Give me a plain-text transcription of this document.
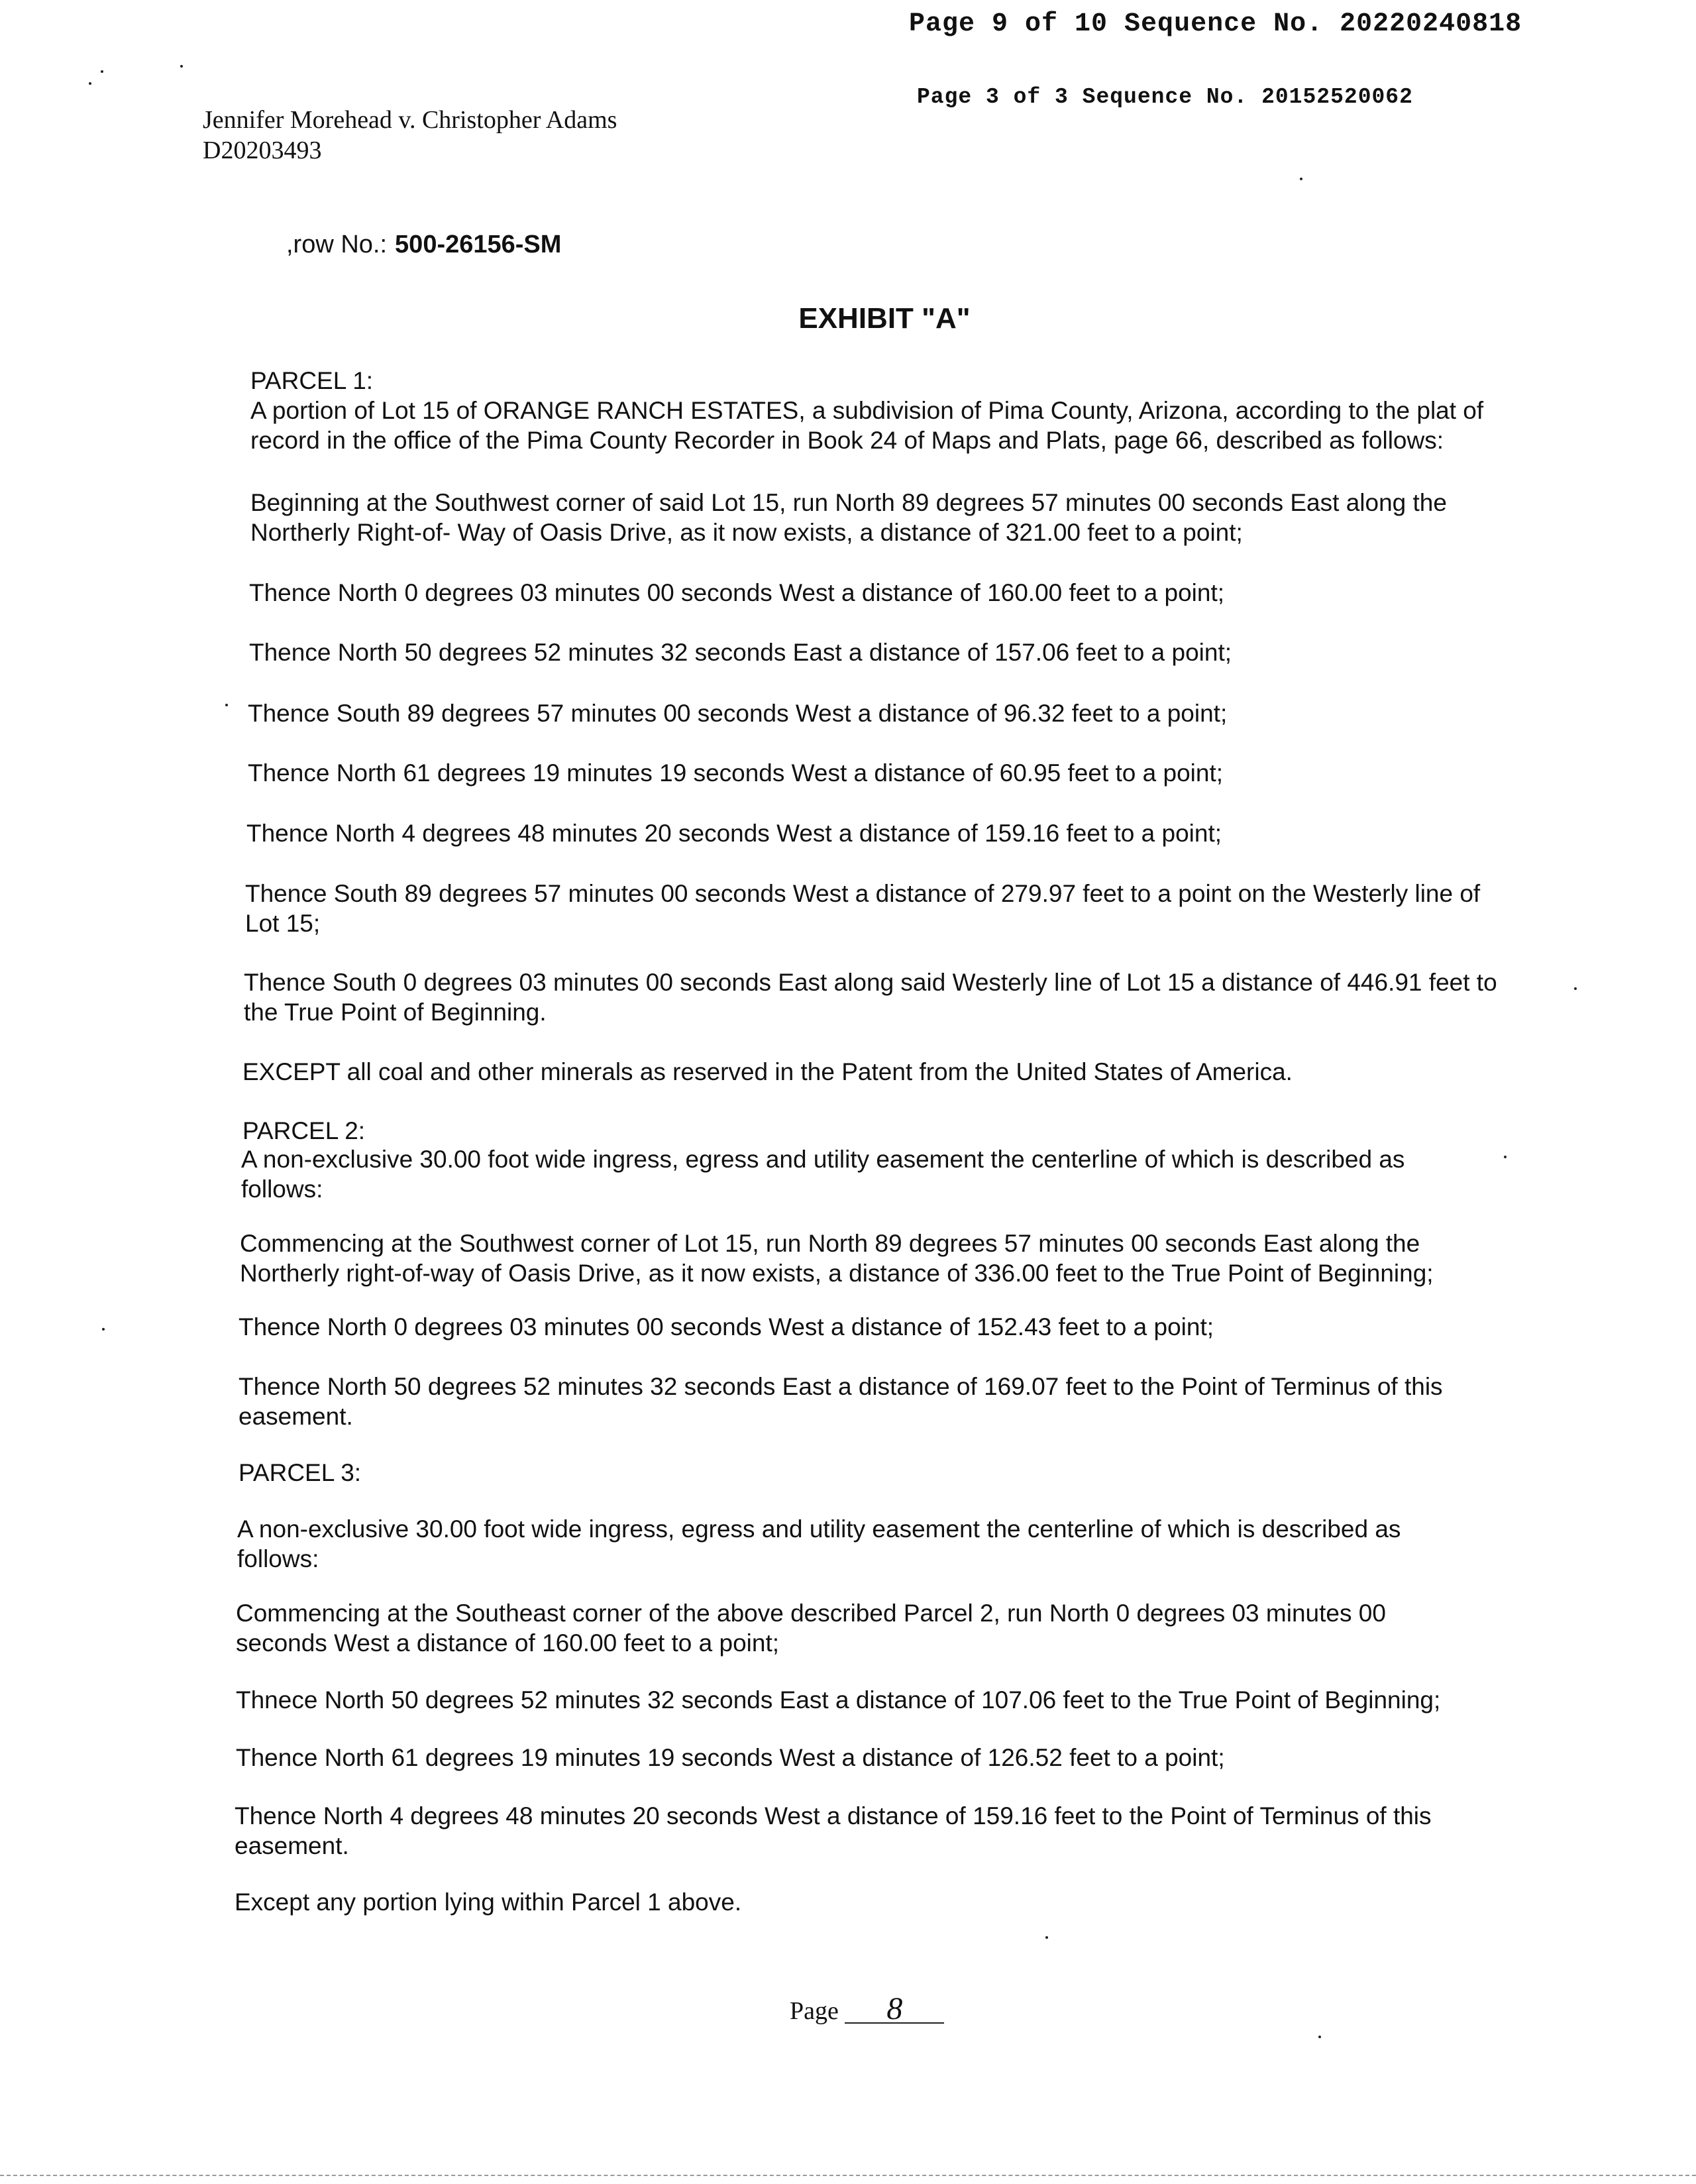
Page 9 of 10 Sequence No. 20220240818
Page 3 of 3 Sequence No. 20152520062
Jennifer Morehead v. Christopher Adams
D20203493
,row No.: 500-26156-SM
EXHIBIT "A"

PARCEL 1:

A portion of Lot 15 of ORANGE RANCH ESTATES, a subdivision of Pima County, Arizona, according to the plat of record in the office of the Pima County Recorder in Book 24 of Maps and Plats, page 66, described as follows:

Beginning at the Southwest corner of said Lot 15, run North 89 degrees 57 minutes 00 seconds East along the Northerly Right-of- Way of Oasis Drive, as it now exists, a distance of 321.00 feet to a point;

Thence North 0 degrees 03 minutes 00 seconds West a distance of 160.00 feet to a point;

Thence North 50 degrees 52 minutes 32 seconds East a distance of 157.06 feet to a point;

Thence South 89 degrees 57 minutes 00 seconds West a distance of 96.32 feet to a point;

Thence North 61 degrees 19 minutes 19 seconds West a distance of 60.95 feet to a point;

Thence North 4 degrees 48 minutes 20 seconds West a distance of 159.16 feet to a point;

Thence South 89 degrees 57 minutes 00 seconds West a distance of 279.97 feet to a point on the Westerly line of Lot 15;

Thence South 0 degrees 03 minutes 00 seconds East along said Westerly line of Lot 15 a distance of 446.91 feet to the True Point of Beginning.

EXCEPT all coal and other minerals as reserved in the Patent from the United States of America.

PARCEL 2:

A non-exclusive 30.00 foot wide ingress, egress and utility easement the centerline of which is described as follows:

Commencing at the Southwest corner of Lot 15, run North 89 degrees 57 minutes 00 seconds East along the Northerly right-of-way of Oasis Drive, as it now exists, a distance of 336.00 feet to the True Point of Beginning;

Thence North 0 degrees 03 minutes 00 seconds West a distance of 152.43 feet to a point;

Thence North 50 degrees 52 minutes 32 seconds East a distance of 169.07 feet to the Point of Terminus of this easement.

PARCEL 3:

A non-exclusive 30.00 foot wide ingress, egress and utility easement the centerline of which is described as follows:

Commencing at the Southeast corner of the above described Parcel 2, run North 0 degrees 03 minutes 00 seconds West a distance of 160.00 feet to a point;

Thnece North 50 degrees 52 minutes 32 seconds East a distance of 107.06 feet to the True Point of Beginning;

Thence North 61 degrees 19 minutes 19 seconds West a distance of 126.52 feet to a point;

Thence North 4 degrees 48 minutes 20 seconds West a distance of 159.16 feet to the Point of Terminus of this easement.

Except any portion lying within Parcel 1 above.

Page 8
